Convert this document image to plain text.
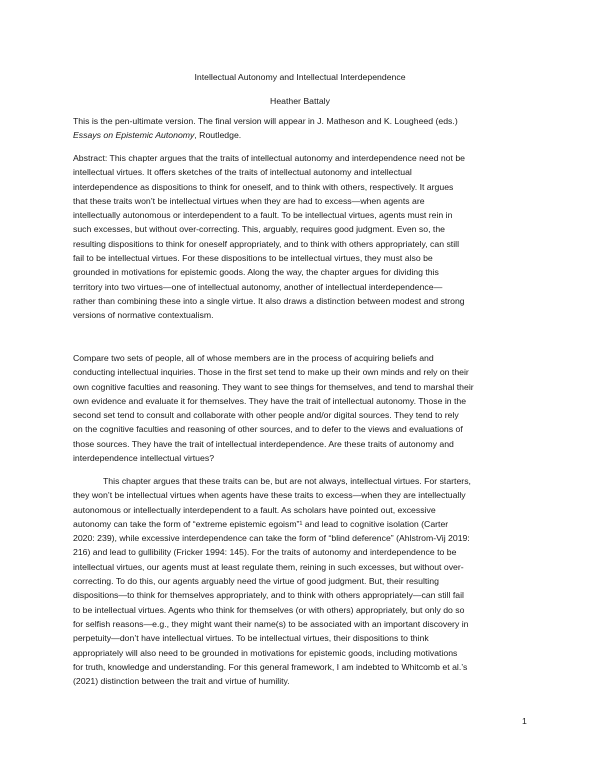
Intellectual Autonomy and Intellectual Interdependence
Heather Battaly
This is the pen-ultimate version. The final version will appear in J. Matheson and K. Lougheed (eds.)
Essays on Epistemic Autonomy, Routledge.
Abstract: This chapter argues that the traits of intellectual autonomy and interdependence need not be
intellectual virtues. It offers sketches of the traits of intellectual autonomy and intellectual
interdependence as dispositions to think for oneself, and to think with others, respectively. It argues
that these traits won’t be intellectual virtues when they are had to excess—when agents are
intellectually autonomous or interdependent to a fault. To be intellectual virtues, agents must rein in
such excesses, but without over-correcting. This, arguably, requires good judgment. Even so, the
resulting dispositions to think for oneself appropriately, and to think with others appropriately, can still
fail to be intellectual virtues. For these dispositions to be intellectual virtues, they must also be
grounded in motivations for epistemic goods. Along the way, the chapter argues for dividing this
territory into two virtues—one of intellectual autonomy, another of intellectual interdependence—
rather than combining these into a single virtue. It also draws a distinction between modest and strong
versions of normative contextualism.
Compare two sets of people, all of whose members are in the process of acquiring beliefs and
conducting intellectual inquiries. Those in the first set tend to make up their own minds and rely on their
own cognitive faculties and reasoning. They want to see things for themselves, and tend to marshal their
own evidence and evaluate it for themselves. They have the trait of intellectual autonomy. Those in the
second set tend to consult and collaborate with other people and/or digital sources. They tend to rely
on the cognitive faculties and reasoning of other sources, and to defer to the views and evaluations of
those sources. They have the trait of intellectual interdependence. Are these traits of autonomy and
interdependence intellectual virtues?
This chapter argues that these traits can be, but are not always, intellectual virtues. For starters,
they won’t be intellectual virtues when agents have these traits to excess—when they are intellectually
autonomous or intellectually interdependent to a fault. As scholars have pointed out, excessive
autonomy can take the form of “extreme epistemic egoism”¹ and lead to cognitive isolation (Carter
2020: 239), while excessive interdependence can take the form of “blind deference” (Ahlstrom-Vij 2019:
216) and lead to gullibility (Fricker 1994: 145). For the traits of autonomy and interdependence to be
intellectual virtues, our agents must at least regulate them, reining in such excesses, but without over-
correcting. To do this, our agents arguably need the virtue of good judgment. But, their resulting
dispositions—to think for themselves appropriately, and to think with others appropriately—can still fail
to be intellectual virtues. Agents who think for themselves (or with others) appropriately, but only do so
for selfish reasons—e.g., they might want their name(s) to be associated with an important discovery in
perpetuity—don’t have intellectual virtues. To be intellectual virtues, their dispositions to think
appropriately will also need to be grounded in motivations for epistemic goods, including motivations
for truth, knowledge and understanding. For this general framework, I am indebted to Whitcomb et al.’s
(2021) distinction between the trait and virtue of humility.
1
